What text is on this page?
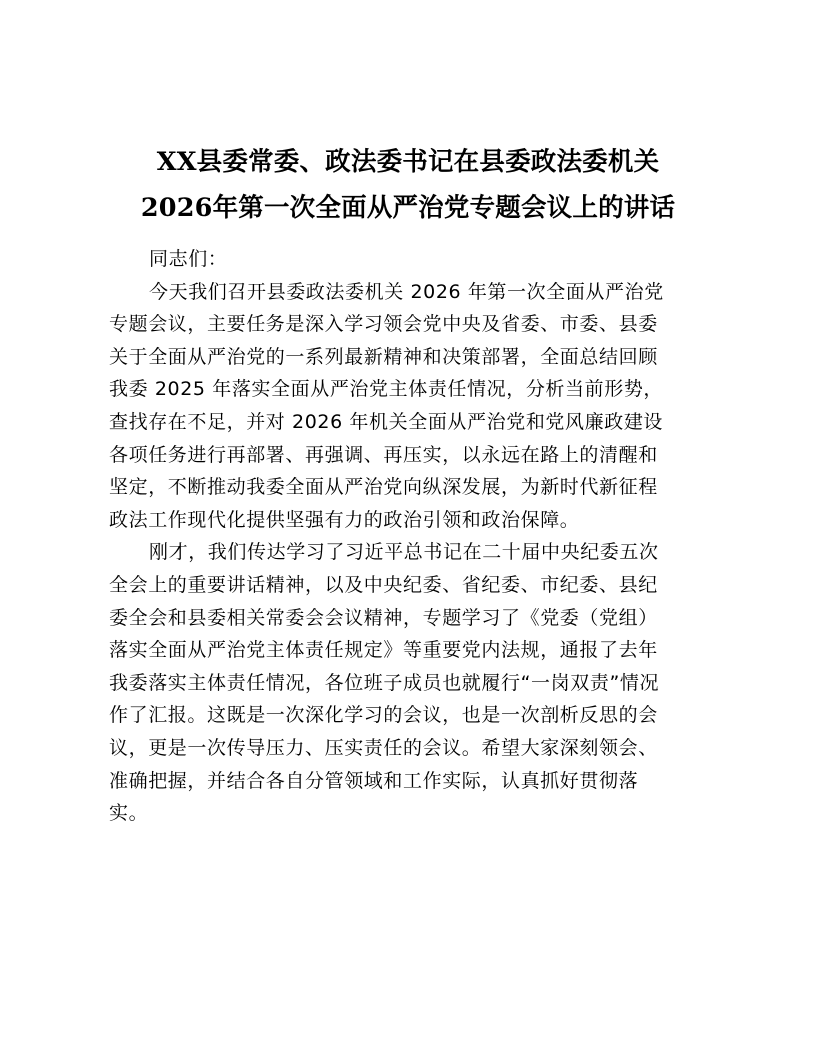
XX县委常委、政法委书记在县委政法委机关
2026年第一次全面从严治党专题会议上的讲话
同志们：
今天我们召开县委政法委机关 2026 年第一次全面从严治党
专题会议，主要任务是深入学习领会党中央及省委、市委、县委
关于全面从严治党的一系列最新精神和决策部署，全面总结回顾
我委 2025 年落实全面从严治党主体责任情况，分析当前形势，
查找存在不足，并对 2026 年机关全面从严治党和党风廉政建设
各项任务进行再部署、再强调、再压实，以永远在路上的清醒和
坚定，不断推动我委全面从严治党向纵深发展，为新时代新征程
政法工作现代化提供坚强有力的政治引领和政治保障。
刚才，我们传达学习了习近平总书记在二十届中央纪委五次
全会上的重要讲话精神，以及中央纪委、省纪委、市纪委、县纪
委全会和县委相关常委会会议精神，专题学习了《党委（党组）
落实全面从严治党主体责任规定》等重要党内法规，通报了去年
我委落实主体责任情况，各位班子成员也就履行“一岗双责”情况
作了汇报。这既是一次深化学习的会议，也是一次剖析反思的会
议，更是一次传导压力、压实责任的会议。希望大家深刻领会、
准确把握，并结合各自分管领域和工作实际，认真抓好贯彻落
实。
